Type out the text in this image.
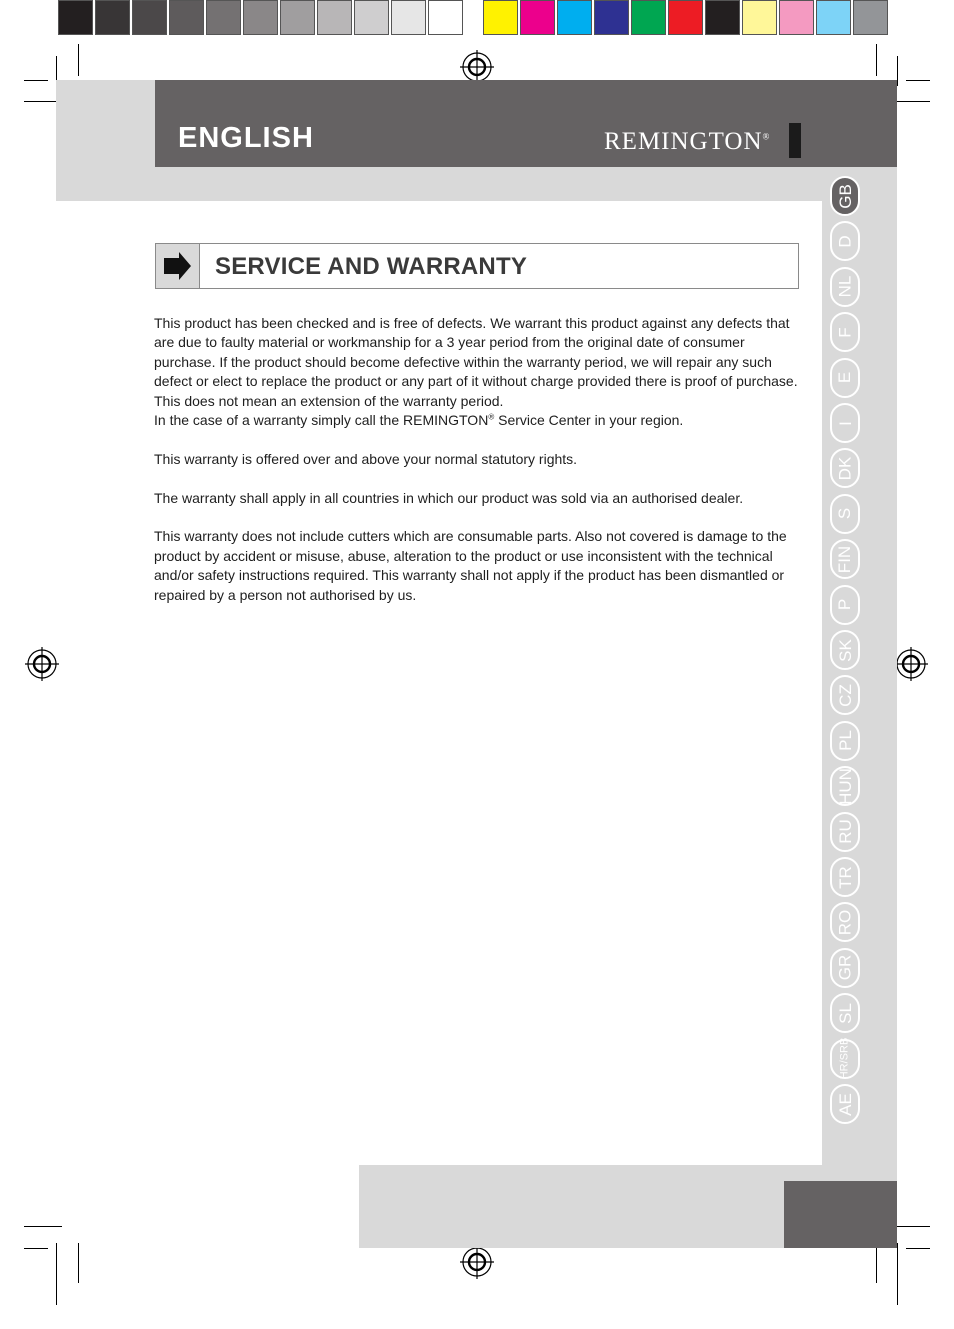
ENGLISH	REMINGTON®
GB
D
NL
F
E
I
DK
S
FIN
P
SK
CZ
PL
HUN
RU
TR
RO
GR
SL
HR/SRB
AE
SERVICE AND WARRANTY

This product has been checked and is free of defects. We warrant this product against any defects that are due to faulty material or workmanship for a 3 year period from the original date of consumer purchase. If the product should become defective within the warranty period, we will repair any such defect or elect to replace the product or any part of it without charge provided there is proof of purchase. This does not mean an extension of the warranty period.

In the case of a warranty simply call the REMINGTON® Service Center in your region.

This warranty is offered over and above your normal statutory rights.

The warranty shall apply in all countries in which our product was sold via an authorised dealer.

This warranty does not include cutters which are consumable parts. Also not covered is damage to the product by accident or misuse, abuse, alteration to the product or use inconsistent with the technical and/or safety instructions required. This warranty shall not apply if the product has been dismantled or repaired by a person not authorised by us.
